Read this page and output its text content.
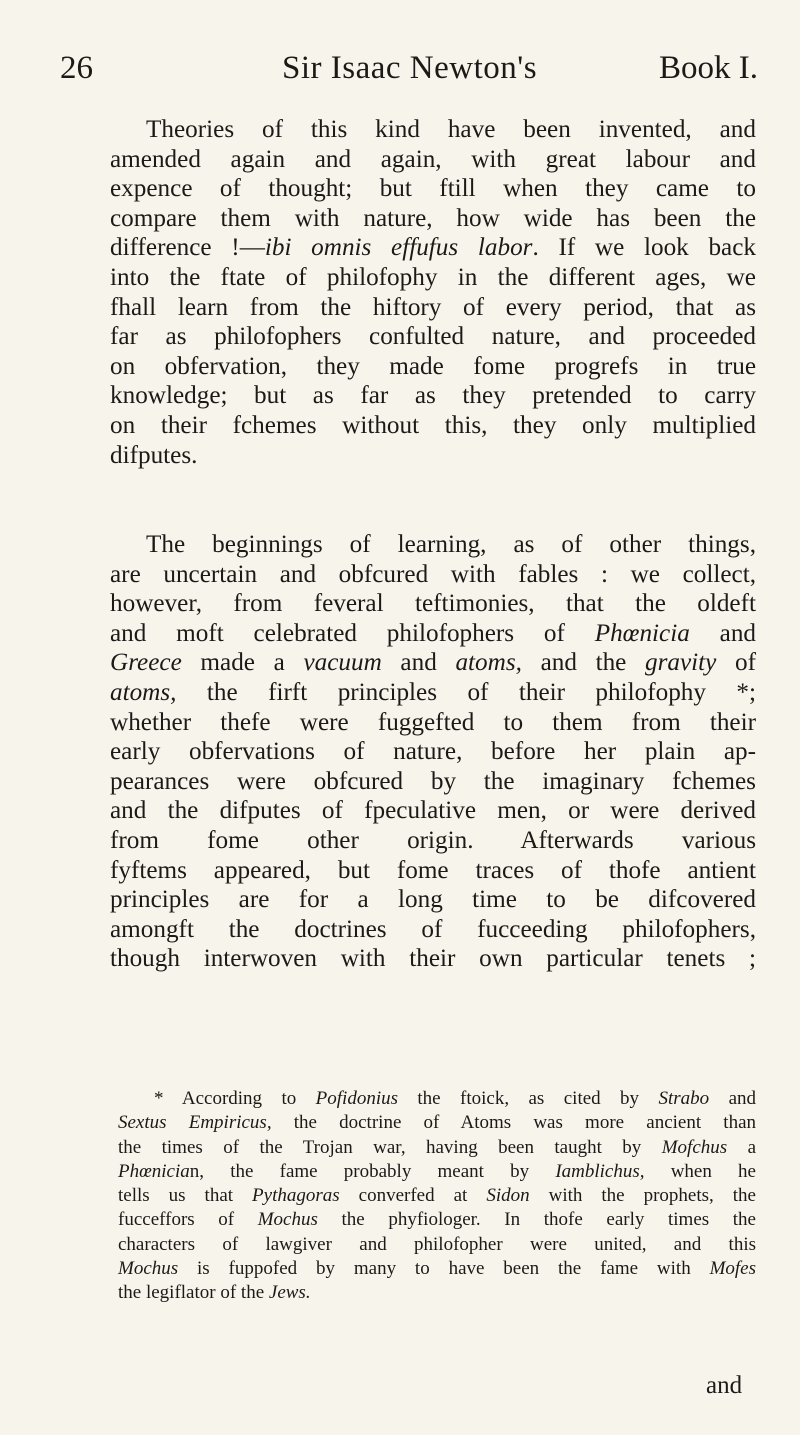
26	Sir Isaac Newton's	Book I.
Theories of this kind have been invented, and
amended again and again, with great labour and
expence of thought; but ftill when they came to
compare them with nature, how wide has been the
difference !—ibi omnis effufus labor. If we look back
into the ftate of philofophy in the different ages, we
fhall learn from the hiftory of every period, that as
far as philofophers confulted nature, and proceeded
on obfervation, they made fome progrefs in true
knowledge; but as far as they pretended to carry
on their fchemes without this, they only multiplied
difputes.
The beginnings of learning, as of other things,
are uncertain and obfcured with fables : we collect,
however, from feveral teftimonies, that the oldeft
and moft celebrated philofophers of Phœnicia and
Greece made a vacuum and atoms, and the gravity of
atoms, the firft principles of their philofophy *;
whether thefe were fuggefted to them from their
early obfervations of nature, before her plain ap-
pearances were obfcured by the imaginary fchemes
and the difputes of fpeculative men, or were derived
from fome other origin. Afterwards various
fyftems appeared, but fome traces of thofe antient
principles are for a long time to be difcovered
amongft the doctrines of fucceeding philofophers,
though interwoven with their own particular tenets ;
* According to Pofidonius the ftoick, as cited by Strabo and
Sextus Empiricus, the doctrine of Atoms was more ancient than
the times of the Trojan war, having been taught by Mofchus a
Phœnician, the fame probably meant by Iamblichus, when he
tells us that Pythagoras converfed at Sidon with the prophets, the
fucceffors of Mochus the phyfiologer. In thofe early times the
characters of lawgiver and philofopher were united, and this
Mochus is fuppofed by many to have been the fame with Mofes
the legiflator of the Jews.
and
